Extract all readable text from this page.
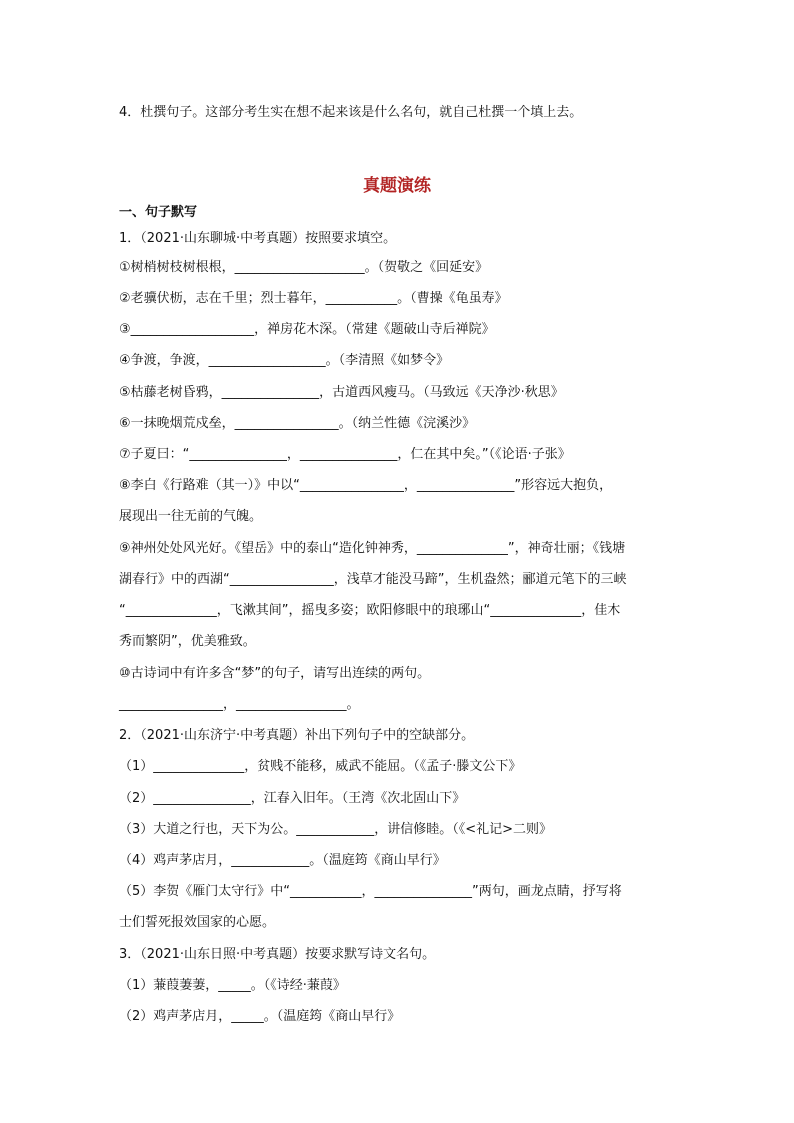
4．杜撰句子。这部分考生实在想不起来该是什么名句，就自己杜撰一个填上去。
真题演练
一、句子默写
1．（2021·山东聊城·中考真题）按照要求填空。
①树梢树枝树根根，____________________。（贺敬之《回延安》
②老骥伏枥，志在千里；烈士暮年，___________。（曹操《龟虽寿》
③___________________，禅房花木深。（常建《题破山寺后禅院》
④争渡，争渡，__________________。（李清照《如梦令》
⑤枯藤老树昏鸦，_______________，古道西风瘦马。（马致远《天净沙·秋思》
⑥一抹晚烟荒戍垒，________________。（纳兰性德《浣溪沙》
⑦子夏曰：“_______________，_______________，仁在其中矣。”（《论语·子张》
⑧李白《行路难（其一）》中以“________________，_______________”形容远大抱负，
展现出一往无前的气魄。
⑨神州处处风光好。《望岳》中的泰山“造化钟神秀，______________”，神奇壮丽；《钱塘
湖春行》中的西湖“________________，浅草才能没马蹄”，生机盎然；郦道元笔下的三峡
“______________，飞漱其间”，摇曳多姿；欧阳修眼中的琅琊山“______________，佳木
秀而繁阴”，优美雅致。
⑩古诗词中有许多含“梦”的句子，请写出连续的两句。
________________，_________________。
2．（2021·山东济宁·中考真题）补出下列句子中的空缺部分。
（1）______________，贫贱不能移，威武不能屈。（《孟子·滕文公下》
（2）_______________，江春入旧年。（王湾《次北固山下》
（3）大道之行也，天下为公。____________，讲信修睦。（《<礼记>二则》
（4）鸡声茅店月，____________。（温庭筠《商山早行》
（5）李贺《雁门太守行》中“___________，_______________”两句，画龙点睛，抒写将
士们誓死报效国家的心愿。
3．（2021·山东日照·中考真题）按要求默写诗文名句。
（1）蒹葭萋萋，_____。（《诗经·蒹葭》
（2）鸡声茅店月，_____。（温庭筠《商山早行》
